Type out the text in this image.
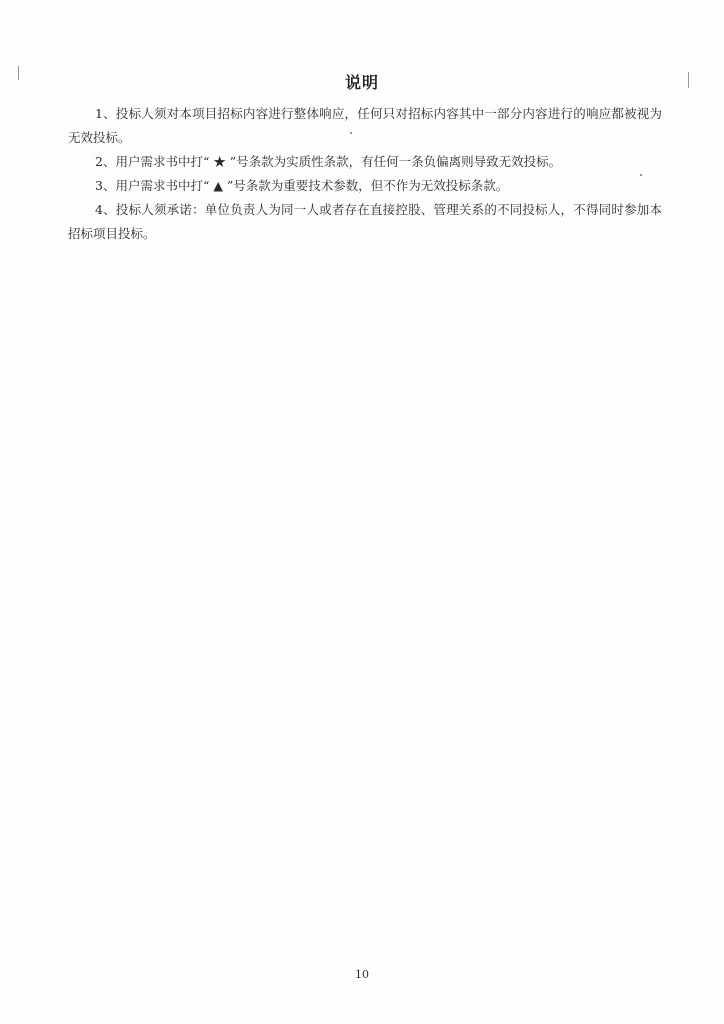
说明

1、投标人须对本项目招标内容进行整体响应，任何只对招标内容其中一部分内容进行的响应都被视为无效投标。

2、用户需求书中打“ ★ ”号条款为实质性条款，有任何一条负偏离则导致无效投标。

3、用户需求书中打“ ▲ ”号条款为重要技术参数，但不作为无效投标条款。

4、投标人须承诺：单位负责人为同一人或者存在直接控股、管理关系的不同投标人，不得同时参加本招标项目投标。

10
